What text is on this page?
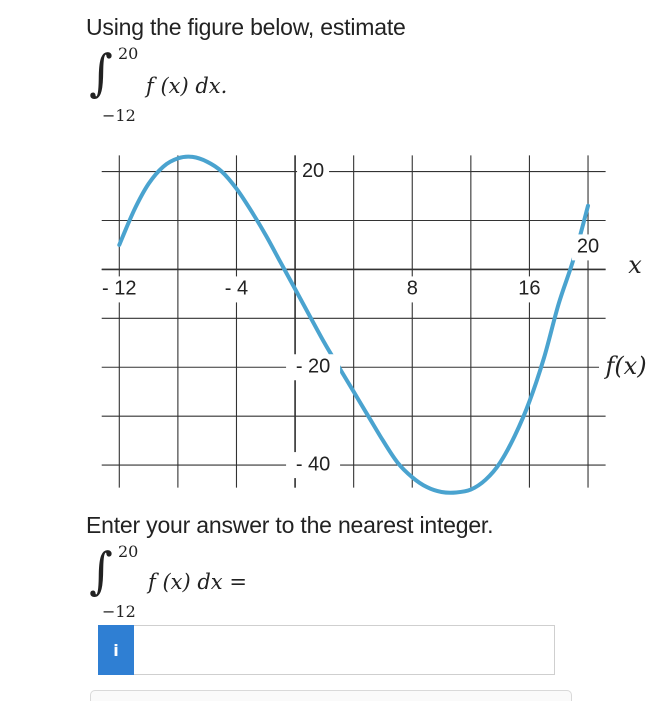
Using the figure below, estimate
∫ 20
−12
f (x) dx.
- 12	- 4	8	16
20
- 20
- 40
20
x
f(x)
Enter your answer to the nearest integer.
∫ 20
−12
f (x) dx =
i
